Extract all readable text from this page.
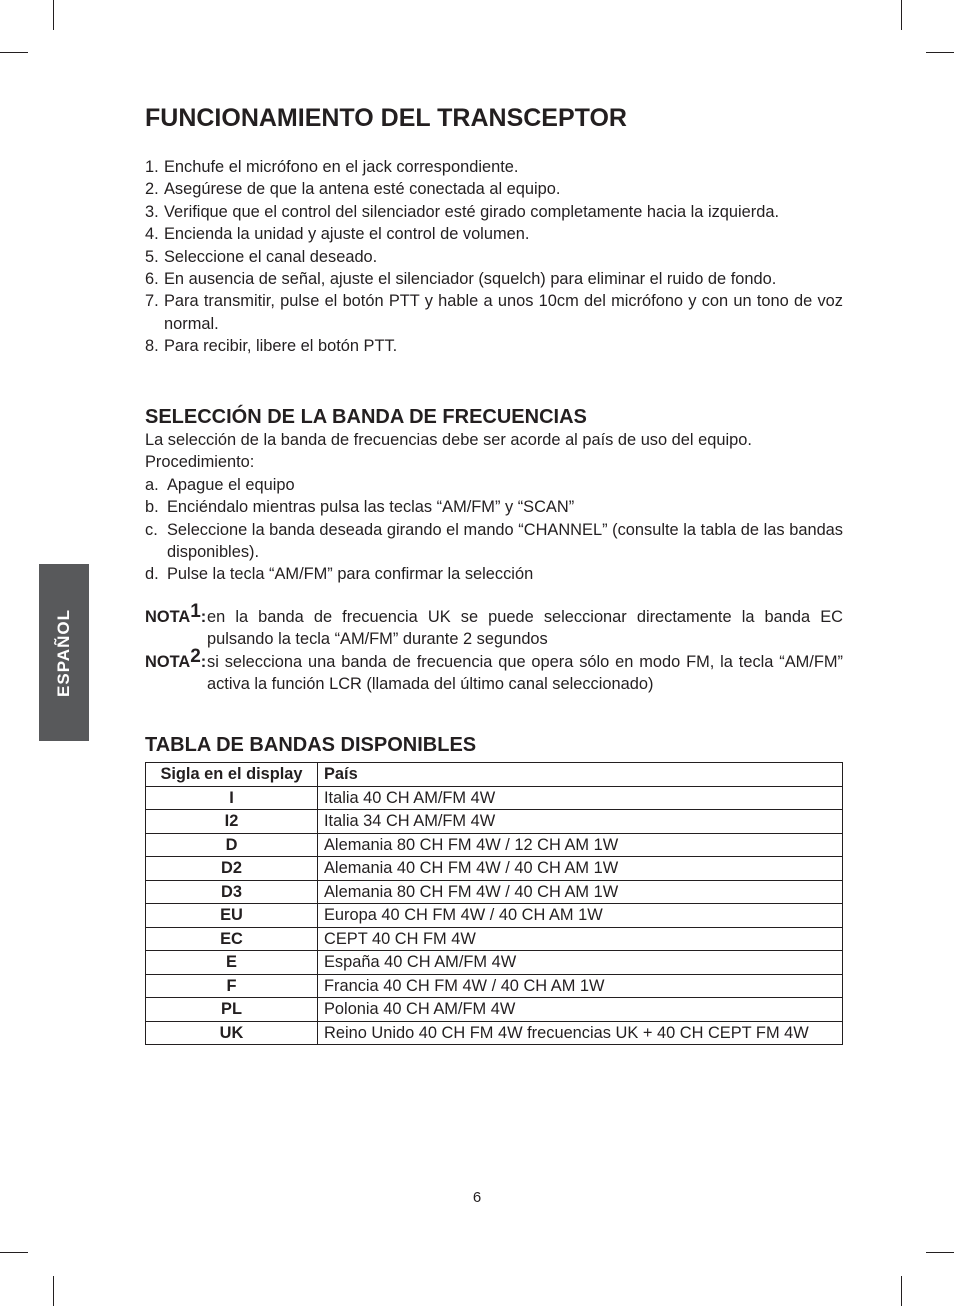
ESPAÑOL
FUNCIONAMIENTO DEL TRANSCEPTOR
1. Enchufe el micrófono en el jack correspondiente.
2. Asegúrese de que la antena esté conectada al equipo.
3. Verifique que el control del silenciador esté girado completamente hacia la izquierda.
4. Encienda la unidad y ajuste el control de volumen.
5. Seleccione el canal deseado.
6. En ausencia de señal, ajuste el silenciador (squelch) para eliminar el ruido de fondo.
7. Para transmitir, pulse el botón PTT y hable a unos 10cm del micrófono y con un tono de voz normal.
8. Para recibir, libere el botón PTT.
SELECCIÓN DE LA BANDA DE FRECUENCIAS
La selección de la banda de frecuencias debe ser acorde al país de uso del equipo.
Procedimiento:
a. Apague el equipo
b. Enciéndalo mientras pulsa las teclas “AM/FM” y “SCAN”
c. Seleccione la banda deseada girando el mando “CHANNEL” (consulte la tabla de las bandas disponibles).
d. Pulse la tecla “AM/FM” para confirmar la selección
NOTA$^1$: en la banda de frecuencia UK se puede seleccionar directamente la banda EC pulsando la tecla “AM/FM” durante 2 segundos
NOTA$^2$: si selecciona una banda de frecuencia que opera sólo en modo FM, la tecla “AM/FM” activa la función LCR (llamada del último canal seleccionado)
TABLA DE BANDAS DISPONIBLES
Sigla en el display	País
I	Italia 40 CH AM/FM 4W
I2	Italia 34 CH AM/FM 4W
D	Alemania 80 CH FM 4W / 12 CH AM 1W
D2	Alemania 40 CH FM 4W / 40 CH AM 1W
D3	Alemania 80 CH FM 4W / 40 CH AM 1W
EU	Europa 40 CH FM 4W / 40 CH AM 1W
EC	CEPT 40 CH FM 4W
E	España 40 CH AM/FM 4W
F	Francia 40 CH FM 4W / 40 CH AM 1W
PL	Polonia 40 CH AM/FM 4W
UK	Reino Unido 40 CH FM 4W frecuencias UK + 40 CH CEPT FM 4W
6
